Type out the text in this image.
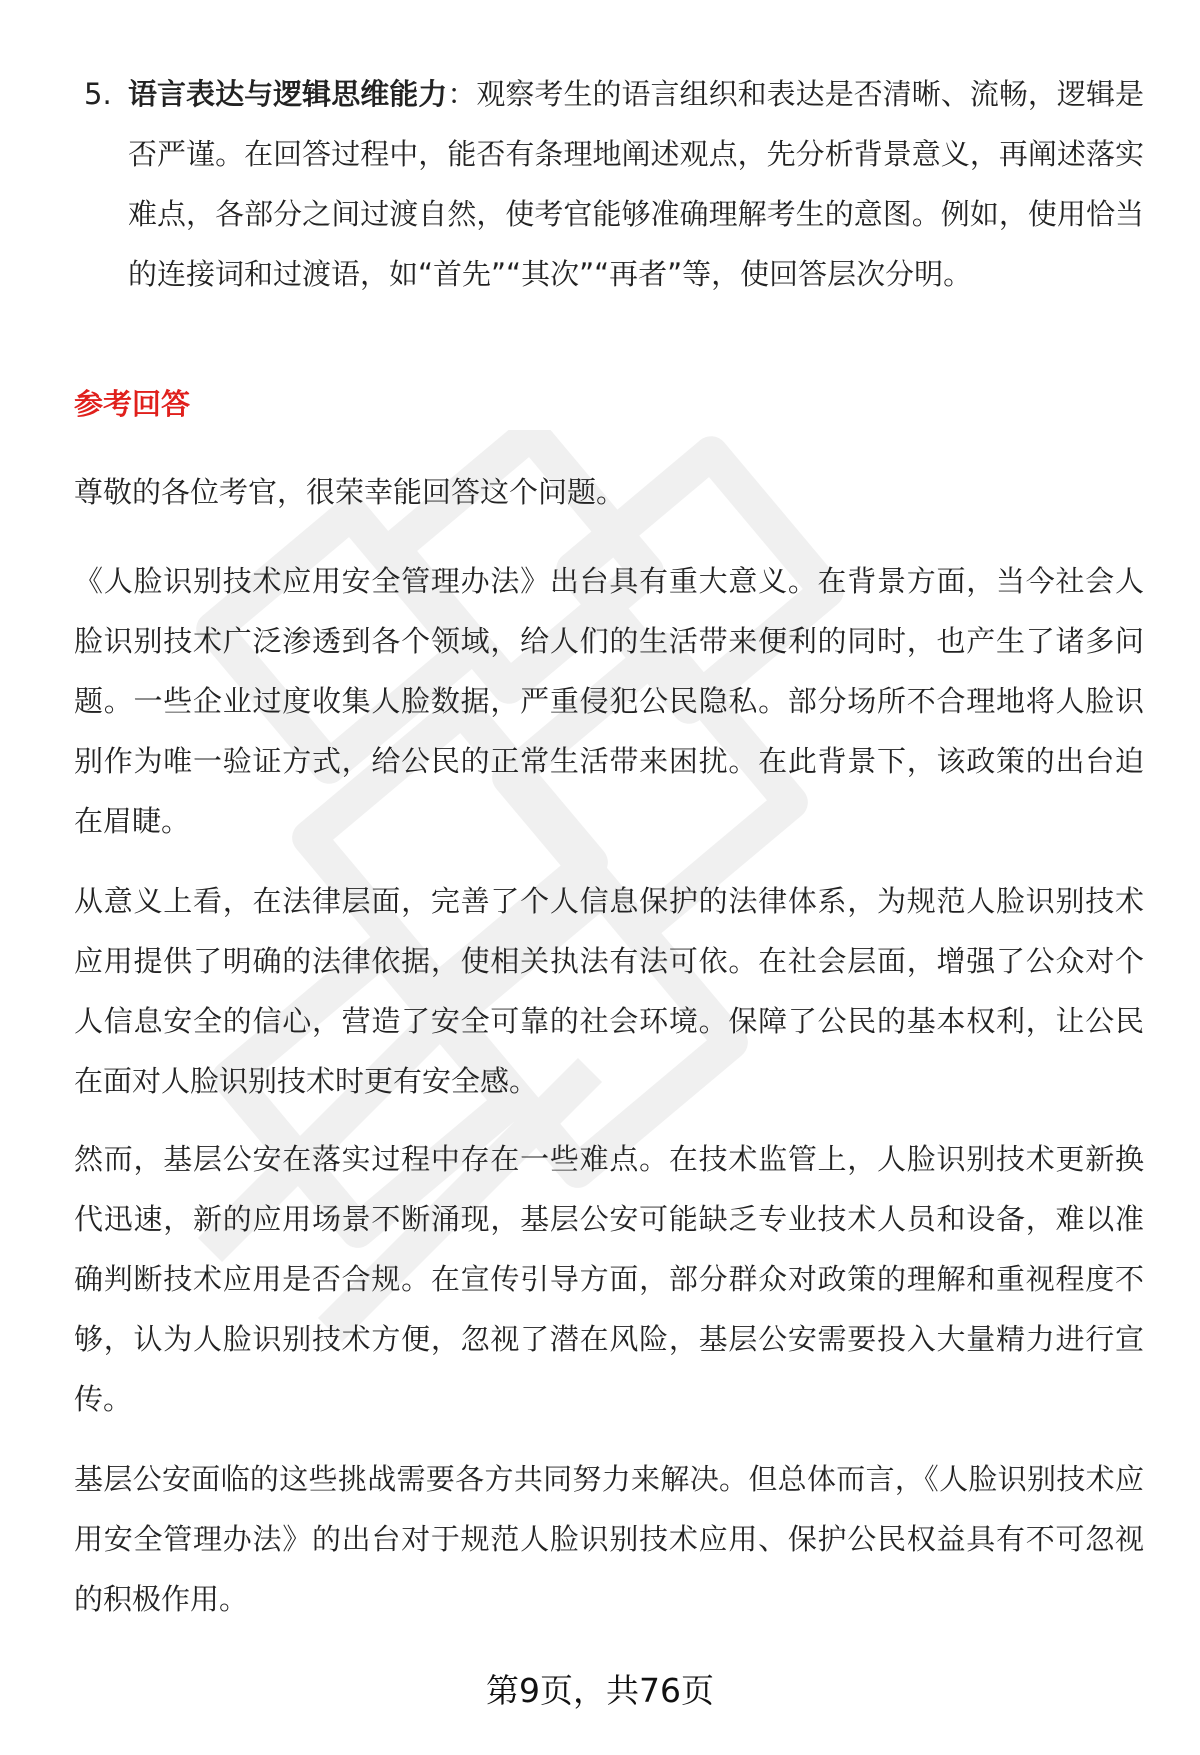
5. 语言表达与逻辑思维能力：观察考生的语言组织和表达是否清晰、流畅，逻辑是否严谨。在回答过程中，能否有条理地阐述观点，先分析背景意义，再阐述落实难点，各部分之间过渡自然，使考官能够准确理解考生的意图。例如，使用恰当的连接词和过渡语，如“首先”“其次”“再者”等，使回答层次分明。
参考回答

尊敬的各位考官，很荣幸能回答这个问题。

《人脸识别技术应用安全管理办法》出台具有重大意义。在背景方面，当今社会人脸识别技术广泛渗透到各个领域，给人们的生活带来便利的同时，也产生了诸多问题。一些企业过度收集人脸数据，严重侵犯公民隐私。部分场所不合理地将人脸识别作为唯一验证方式，给公民的正常生活带来困扰。在此背景下，该政策的出台迫在眉睫。

从意义上看，在法律层面，完善了个人信息保护的法律体系，为规范人脸识别技术应用提供了明确的法律依据，使相关执法有法可依。在社会层面，增强了公众对个人信息安全的信心，营造了安全可靠的社会环境。保障了公民的基本权利，让公民在面对人脸识别技术时更有安全感。

然而，基层公安在落实过程中存在一些难点。在技术监管上，人脸识别技术更新换代迅速，新的应用场景不断涌现，基层公安可能缺乏专业技术人员和设备，难以准确判断技术应用是否合规。在宣传引导方面，部分群众对政策的理解和重视程度不够，认为人脸识别技术方便，忽视了潜在风险，基层公安需要投入大量精力进行宣传。

基层公安面临的这些挑战需要各方共同努力来解决。但总体而言，《人脸识别技术应用安全管理办法》的出台对于规范人脸识别技术应用、保护公民权益具有不可忽视的积极作用。

第9页，共76页
